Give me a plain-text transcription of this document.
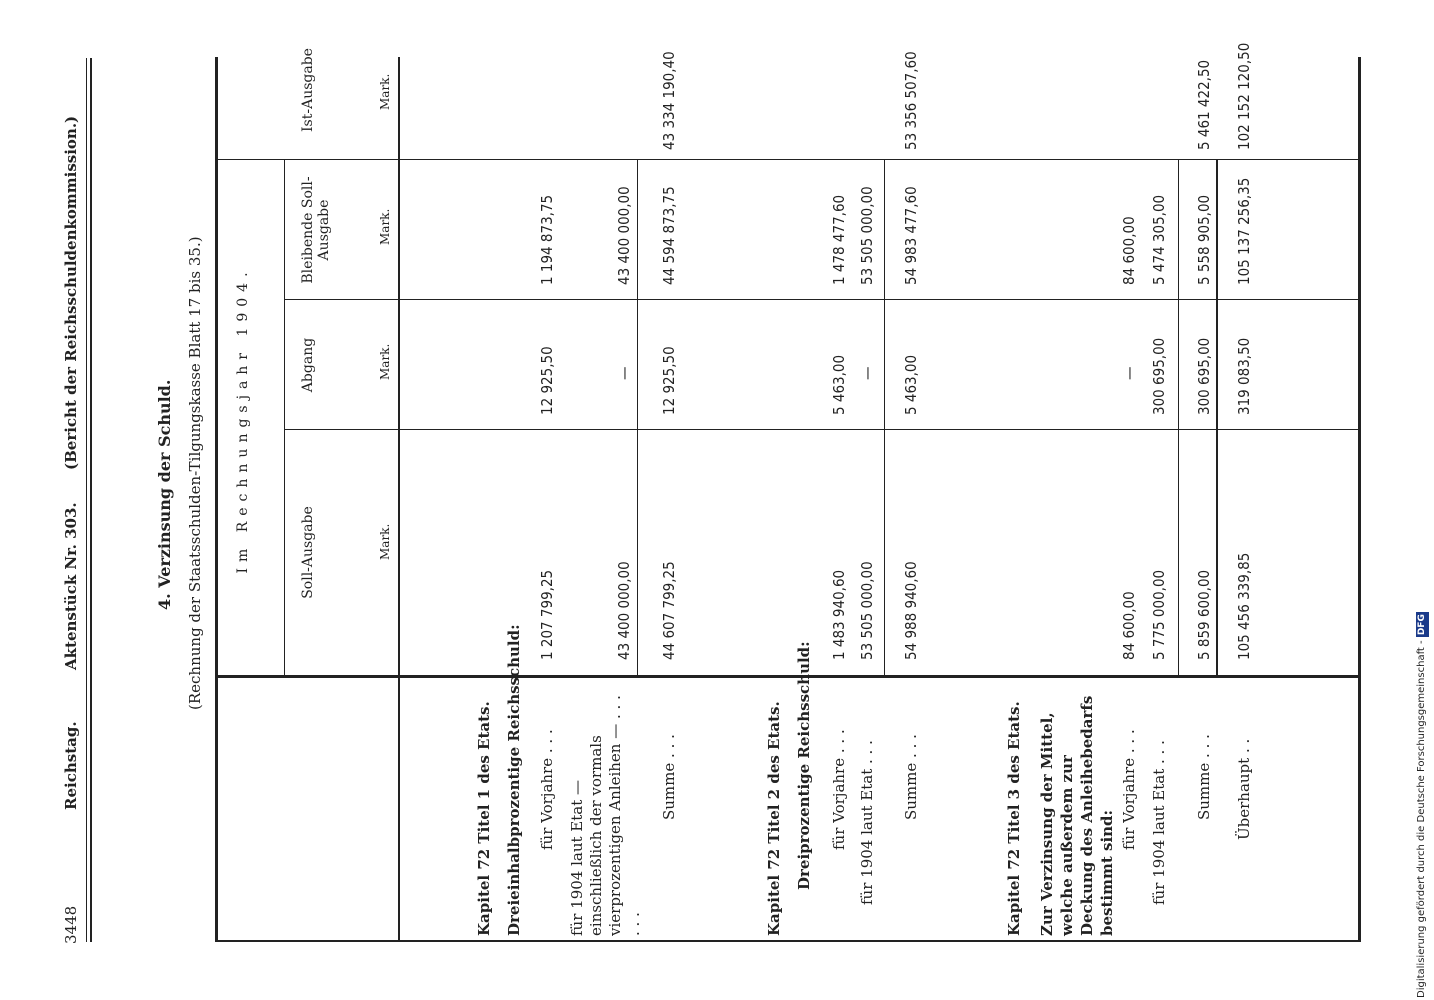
3448
Reichstag.
Aktenstück Nr. 303.
(Bericht der Reichsschuldenkommission.)
4. Verzinsung der Schuld. (Rechnung der Staatsschulden-Tilgungskasse Blatt 17 bis 35.) Im Rechnungsjahr 1904.	Soll-Ausgabe
Abgang
Bleibende Soll-Ausgabe
Ist-Ausgabe
Mark.
Mark.
Mark.
Mark.
Kapitel 72 Titel 1 des Etats. Dreieinhalbprozentige Reichsschuld: für Vorjahre . . .
1 207 799,25
12 925,50
1 194 873,75
für 1904 laut Etat — einschließlich der vormals vierprozentigen Anleihen — . . . . . .
43 400 000,00
—
43 400 000,00
Summe . . .
44 607 799,25
12 925,50
44 594 873,75
43 334 190,40
Kapitel 72 Titel 2 des Etats. Dreiprozentige Reichsschuld: für Vorjahre . . .
1 483 940,60
5 463,00
1 478 477,60
für 1904 laut Etat . . .
53 505 000,00
—
53 505 000,00
Summe . . .
54 988 940,60
5 463,00
54 983 477,60
53 356 507,60
Kapitel 72 Titel 3 des Etats. Zur Verzinsung der Mittel, welche außerdem zur Deckung des Anleihebedarfs bestimmt sind:
für Vorjahre . . .
84 600,00
—
84 600,00
für 1904 laut Etat . . .
5 775 000,00
300 695,00
5 474 305,00
Summe . . .
5 859 600,00
300 695,00
5 558 905,00
5 461 422,50
Überhaupt . .
105 456 339,85
319 083,50
105 137 256,35
102 152 120,50
Digitalisierung gefördert durch die Deutsche Forschungsgemeinschaft - DFG
